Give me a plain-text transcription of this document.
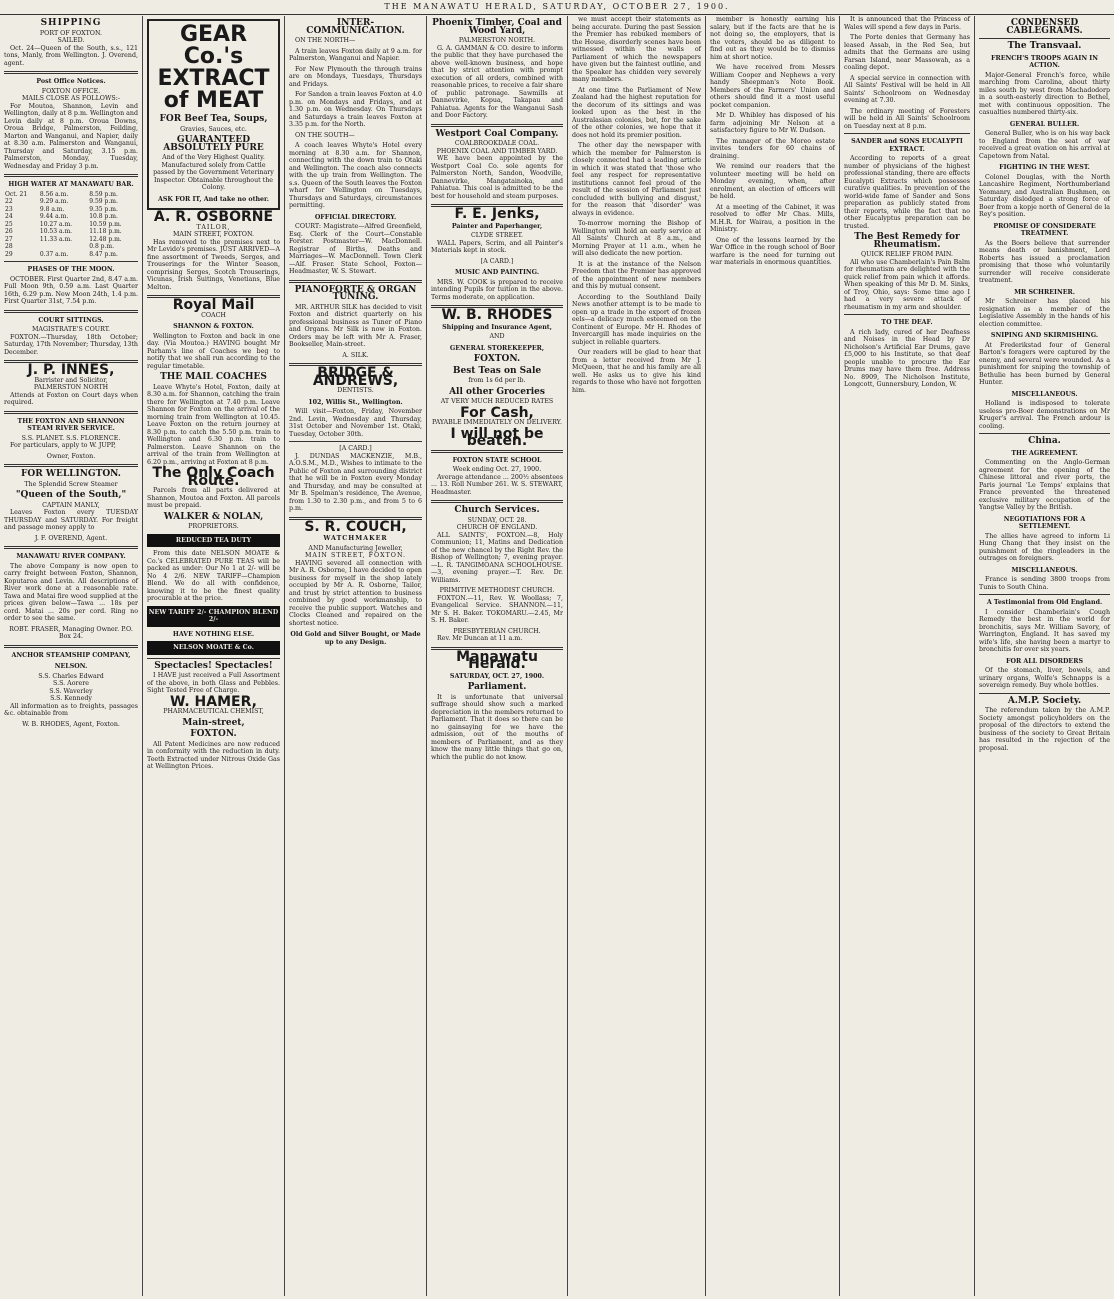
THE MANAWATU HERALD, SATURDAY, OCTOBER 27, 1900.
SHIPPING
PORT OF FOXTON.
SAILED.

Oct. 24—Queen of the South, s.s., 121 tons, Manly, from Wellington. J. Overend, agent.

Post Office Notices.
FOXTON OFFICE.
MAILS CLOSE AS FOLLOWS:-

For Moutoa, Shannon, Levin and Wellington, daily at 8 p.m. Wellington and Levin daily at 8 p.m. Oroua Downs, Oroua Bridge, Palmerston, Feilding, Marton and Wanganui, and Napier, daily at 8.30 a.m. Palmerston and Wanganui, Thursday and Saturday, 3.15 p.m. Palmerston, Monday, Tuesday, Wednesday and Friday 3 p.m.

HIGH WATER AT MANAWATU BAR.
Oct. 21	8.56 a.m.	8.59 p.m.
22	9.29 a.m.	9.59 p.m.
23	9.8 a.m.	9.35 p.m.
24	9.44 a.m.	10.8 p.m.
25	10.27 a.m.	10.59 p.m.
26	10.53 a.m.	11.18 p.m.
27	11.33 a.m.	12.48 p.m.
28		0.8 p.m.
29	0.37 a.m.	8.47 p.m.
PHASES OF THE MOON.

OCTOBER. First Quarter 2nd, 8.47 a.m. Full Moon 9th, 0.59 a.m. Last Quarter 16th, 6.29 p.m. New Moon 24th, 1.4 p.m. First Quarter 31st, 7.54 p.m.

COURT SITTINGS.
MAGISTRATE'S COURT.

FOXTON.—Thursday, 18th October; Saturday, 17th November; Thursday, 13th December.

J. P. INNES,
Barrister and Solicitor,
PALMERSTON NORTH

Attends at Foxton on Court days when required.

THE FOXTON AND SHANNON STEAM RIVER SERVICE.
S.S. PLANET. S.S. FLORENCE.

For particulars, apply to W. JUPP,

Owner, Foxton.
FOR WELLINGTON.
The Splendid Screw Steamer
"Queen of the South,"
CAPTAIN MANLY,

Leaves Foxton every TUESDAY THURSDAY and SATURDAY. For freight and passage money apply to

J. F. OVEREND, Agent.
MANAWATU RIVER COMPANY.

The above Company is now open to carry freight between Foxton, Shannon, Koputaroa and Levin. All descriptions of River work done at a reasonable rate. Tawa and Matai fire wood supplied at the prices given below—Tawa ... 18s per cord. Matai ... 20s per cord. Ring no order to see the same.

ROBT. FRASER, Managing Owner. P.O. Box 24.
ANCHOR STEAMSHIP COMPANY,
NELSON.
S.S. Charles Edward
S.S. Aorere
S.S. Waverley
S.S. Kennedy

All information as to freights, passages &c. obtainable from

W. B. RHODES, Agent, Foxton.
GEAR Co.'s
EXTRACT of MEAT
FOR Beef Tea, Soups,
Gravies, Sauces, etc.
GUARANTEED ABSOLUTELY PURE
And of the Very Highest Quality. Manufactured solely from Cattle passed by the Government Veterinary Inspector. Obtainable throughout the Colony.
ASK FOR IT, And take no other.
A. R. OSBORNE
TAILOR,
MAIN STREET, FOXTON.

Has removed to the premises next to Mr Levido's premises. JUST ARRIVED—A fine assortment of Tweeds, Serges, and Trouserings for the Winter Season, comprising Serges, Scotch Trouserings, Vicunas, Irish Suitings, Venetians, Blue Melton.

Royal Mail
COACH
SHANNON & FOXTON.

Wellington to Foxton and back in one day. (Via Moutoa.) HAVING bought Mr Parham's line of Coaches we beg to notify that we shall run according to the regular timetable.

THE MAIL COACHES

Leave Whyte's Hotel, Foxton, daily at 8.30 a.m. for Shannon, catching the train there for Wellington at 7.40 p.m. Leave Shannon for Foxton on the arrival of the morning train from Wellington at 10.45. Leave Foxton on the return journey at 8.30 p.m. to catch the 5.50 p.m. train to Wellington and 6.30 p.m. train to Palmerston. Leave Shannon on the arrival of the train from Wellington at 6.20 p.m., arriving at Foxton at 8 p.m.

The Only Coach Route.

Parcels from all parts delivered at Shannon, Moutoa and Foxton. All parcels must be prepaid.

WALKER & NOLAN,
PROPRIETORS.
REDUCED TEA DUTY

From this date NELSON MOATE & Co.'s CELEBRATED PURE TEAS will be packed as under: Our No 1 at 2/- will be No 4 2/6. NEW TARIFF—Champion Blend. We do all with confidence, knowing it to be the finest quality procurable at the price.

NEW TARIFF 2/- CHAMPION BLEND 2/-
HAVE NOTHING ELSE.
NELSON MOATE & Co.
Spectacles! Spectacles!

I HAVE just received a Full Assortment of the above, in both Glass and Pebbles. Sight Tested Free of Charge.

W. HAMER,
PHARMACEUTICAL CHEMIST,
Main-street,
FOXTON.

All Patent Medicines are now reduced in conformity with the reduction in duty. Teeth Extracted under Nitrous Oxide Gas at Wellington Prices.

INTER-COMMUNICATION.

ON THE NORTH—

A train leaves Foxton daily at 9 a.m. for Palmerston, Wanganui and Napier.

For New Plymouth the through trains are on Mondays, Tuesdays, Thursdays and Fridays.

For Sandon a train leaves Foxton at 4.0 p.m. on Mondays and Fridays, and at 1.30 p.m. on Wednesday. On Thursdays and Saturdays a train leaves Foxton at 3.35 p.m. for the North.

ON THE SOUTH—

A coach leaves Whyte's Hotel every morning at 8.30 a.m. for Shannon, connecting with the down train to Otaki and Wellington. The coach also connects with the up train from Wellington. The s.s. Queen of the South leaves the Foxton wharf for Wellington on Tuesdays, Thursdays and Saturdays, circumstances permitting.

OFFICIAL DIRECTORY.

COURT: Magistrate—Alfred Greenfield, Esq. Clerk of the Court—Constable Forster. Postmaster—W. MacDonnell. Registrar of Births, Deaths and Marriages—W. MacDonnell. Town Clerk—Alf. Fraser. State School, Foxton—Headmaster, W. S. Stewart.

PIANOFORTE & ORGAN TUNING.

MR. ARTHUR SILK has decided to visit Foxton and district quarterly on his professional business as Tuner of Piano and Organs. Mr Silk is now in Foxton. Orders may be left with Mr A. Fraser, Bookseller, Main-street.

A. SILK.
BRIDGE & ANDREWS,
DENTISTS.
102, Willis St., Wellington.

Will visit—Foxton, Friday, November 2nd. Levin, Wednesday and Thursday, 31st October and November 1st. Otaki, Tuesday, October 30th.

[A CARD.]

J. DUNDAS MACKENZIE, M.B., A.O.S.M., M.D., Wishes to intimate to the Public of Foxton and surrounding district that he will be in Foxton every Monday and Thursday, and may be consulted at Mr B. Spelman's residence, The Avenue, from 1.30 to 2.30 p.m., and from 5 to 6 p.m.

S. R. COUCH,
WATCHMAKER
AND Manufacturing Jeweller,
MAIN STREET, FOXTON.

HAVING severed all connection with Mr A. R. Osborne, I have decided to open business for myself in the shop lately occupied by Mr A. R. Osborne, Tailor, and trust by strict attention to business combined by good workmanship, to receive the public support. Watches and Clocks Cleaned and repaired on the shortest notice.

Old Gold and Silver Bought, or Made up to any Design.
Phoenix Timber, Coal and Wood Yard,
PALMERSTON NORTH.

G. A. GAMMAN & CO. desire to inform the public that they have purchased the above well-known business, and hope that by strict attention with prompt execution of all orders, combined with reasonable prices, to receive a fair share of public patronage. Sawmills at Dannevirke, Kopua, Takapau and Pahiatua. Agents for the Wanganui Sash and Door Factory.

Westport Coal Company.
COALBROOKDALE COAL.
PHOENIX COAL AND TIMBER YARD.

WE have been appointed by the Westport Coal Co. sole agents for Palmerston North, Sandon, Woodville, Dannevirke, Mangatainoka, and Pahiatua. This coal is admitted to be the best for household and steam purposes.

F. E. Jenks,
Painter and Paperhanger,
CLYDE STREET.

WALL Papers, Scrim, and all Painter's Materials kept in stock.

[A CARD.]
MUSIC AND PAINTING.

MRS. W. COOK is prepared to receive intending Pupils for tuition in the above. Terms moderate, on application.

W. B. RHODES
Shipping and Insurance Agent,
AND
GENERAL STOREKEEPER,
FOXTON.
Best Teas on Sale
from 1s 6d per lb.
All other Groceries
AT VERY MUCH REDUCED RATES
For Cash,
PAYABLE IMMEDIATELY ON DELIVERY.
I will not be beaten.
FOXTON STATE SCHOOL
Week ending Oct. 27, 1900.

Average attendance ... 200½ absentees ... 13. Roll Number 261. W. S. STEWART, Headmaster.

Church Services.
SUNDAY, OCT. 28.
CHURCH OF ENGLAND.

ALL SAINTS', FOXTON.—8, Holy Communion; 11, Matins and Dedication of the new chancel by the Right Rev. the Bishop of Wellington; 7, evening prayer.—L. R. TANGIMOANA SCHOOLHOUSE.—3, evening prayer.—T. Rev. Dr. Williams.

PRIMITIVE METHODIST CHURCH.

FOXTON.—11, Rev. W. Woollass; 7, Evangelical Service. SHANNON.—11, Mr S. H. Baker. TOKOMARU.—2.45, Mr S. H. Baker.

PRESBYTERIAN CHURCH.

Rev. Mr Duncan at 11 a.m.

Manawatu Herald.
SATURDAY, OCT. 27, 1900.
Parliament.

It is unfortunate that universal suffrage should show such a marked depreciation in the members returned to Parliament. That it does so there can be no gainsaying for we have the admission, out of the mouths of members of Parliament, and as they know the many little things that go on, which the public do not know.

we must accept their statements as being accurate. During the past Session the Premier has rebuked members of the House, disorderly scenes have been witnessed within the walls of Parliament of which the newspapers have given but the faintest outline, and the Speaker has chidden very severely many members.

At one time the Parliament of New Zealand had the highest reputation for the decorum of its sittings and was looked upon as the best in the Australasian colonies, but, for the sake of the other colonies, we hope that it does not hold its premier position.

The other day the newspaper with which the member for Palmerston is closely connected had a leading article in which it was stated that 'those who feel any respect for representative institutions cannot feel proud of the result of the session of Parliament just concluded with bullying and disgust,' for the reason that 'disorder' was always in evidence.

To-morrow morning the Bishop of Wellington will hold an early service at All Saints' Church at 8 a.m., and Morning Prayer at 11 a.m., when he will also dedicate the new portion.

It is at the instance of the Nelson Freedom that the Premier has approved of the appointment of new members and this by mutual consent.

According to the Southland Daily News another attempt is to be made to open up a trade in the export of frozen eels—a delicacy much esteemed on the Continent of Europe. Mr H. Rhodes of Invercargill has made inquiries on the subject in reliable quarters.

Our readers will be glad to hear that from a letter received from Mr J. McQueen, that he and his family are all well. He asks us to give his kind regards to those who have not forgotten him.

member is honestly earning his salary, but if the facts are that he is not doing so, the employers, that is the voters, should be as diligent to find out as they would be to dismiss him at short notice.

We have received from Messrs William Cooper and Nephews a very handy Sheepman's Note Book. Members of the Farmers' Union and others should find it a most useful pocket companion.

Mr D. Whibley has disposed of his farm adjoining Mr Nelson at a satisfactory figure to Mr W. Dudson.

The manager of the Moreo estate invites tenders for 60 chains of draining.

We remind our readers that the volunteer meeting will be held on Monday evening, when, after enrolment, an election of officers will be held.

At a meeting of the Cabinet, it was resolved to offer Mr Chas. Mills, M.H.R. for Wairau, a position in the Ministry.

One of the lessons learned by the War Office in the rough school of Boer warfare is the need for turning out war materials in enormous quantities.

It is announced that the Princess of Wales will spend a few days in Paris.

The Porte denies that Germany has leased Assab, in the Red Sea, but admits that the Germans are using Farsan Island, near Massowah, as a coaling depot.

A special service in connection with All Saints' Festival will be held in All Saints' Schoolroom on Wednesday evening at 7.30.

The ordinary meeting of Foresters will be held in All Saints' Schoolroom on Tuesday next at 8 p.m.

SANDER and SONS EUCALYPTI EXTRACT.

According to reports of a great number of physicians of the highest professional standing, there are effects Eucalypti Extracts which possesses curative qualities. In prevention of the world-wide fame of Sander and Sons preparation as publicly stated from their reports, while the fact that no other Eucalyptus preparation can be trusted.

The Best Remedy for Rheumatism.
QUICK RELIEF FROM PAIN.

All who use Chamberlain's Pain Balm for rheumatism are delighted with the quick relief from pain which it affords. When speaking of this Mr D. M. Sinks, of Troy, Ohio, says: Some time ago I had a very severe attack of rheumatism in my arm and shoulder.

TO THE DEAF.

A rich lady, cured of her Deafness and Noises in the Head by Dr Nicholson's Artificial Ear Drums, gave £5,000 to his Institute, so that deaf people unable to procure the Ear Drums may have them free. Address No. 8909, The Nicholson Institute, Longcott, Gunnersbury, London, W.

CONDENSED CABLEGRAMS.
The Transvaal.
FRENCH'S TROOPS AGAIN IN ACTION.

Major-General French's force, while marching from Carolina, about thirty miles south by west from Machadodorp in a south-easterly direction to Bethel, met with continuous opposition. The casualties numbered thirty-six.

GENERAL BULLER.

General Buller, who is on his way back to England from the seat of war received a great ovation on his arrival at Capetown from Natal.

FIGHTING IN THE WEST.

Colonel Douglas, with the North Lancashire Regiment, Northumberland Yeomanry, and Australian Bushmen, on Saturday dislodged a strong force of Boer from a kopje north of General de la Rey's position.

PROMISE OF CONSIDERATE TREATMENT.

As the Boers believe that surrender means death or banishment, Lord Roberts has issued a proclamation promising that those who voluntarily surrender will receive considerate treatment.

MR SCHREINER.

Mr Schreiner has placed his resignation as a member of the Legislative Assembly in the hands of his election committee.

SNIPING AND SKIRMISHING.

At Frederikstad four of General Barton's foragers were captured by the enemy, and several were wounded. As a punishment for sniping the township of Bethulie has been burned by General Hunter.

MISCELLANEOUS.

Holland is indisposed to tolerate useless pro-Boer demonstrations on Mr Kruger's arrival. The French ardour is cooling.

China.
THE AGREEMENT.

Commenting on the Anglo-German agreement for the opening of the Chinese littoral and river ports, the Paris journal 'Le Temps' explains that France prevented the threatened exclusive military occupation of the Yangtse Valley by the British.

NEGOTIATIONS FOR A SETTLEMENT.

The allies have agreed to inform Li Hung Chang that they insist on the punishment of the ringleaders in the outrages on foreigners.

MISCELLANEOUS.

France is sending 3800 troops from Tunis to South China.

A Testimonial from Old England.

I consider Chamberlain's Cough Remedy the best in the world for bronchitis, says Mr. William Savory, of Warrington, England. It has saved my wife's life, she having been a martyr to bronchitis for over six years.

FOR ALL DISORDERS

Of the stomach, liver, bowels, and urinary organs, Wolfe's Schnapps is a sovereign remedy. Buy whole bottles.

A.M.P. Society.

The referendum taken by the A.M.P. Society amongst policyholders on the proposal of the directors to extend the business of the society to Great Britain has resulted in the rejection of the proposal.
